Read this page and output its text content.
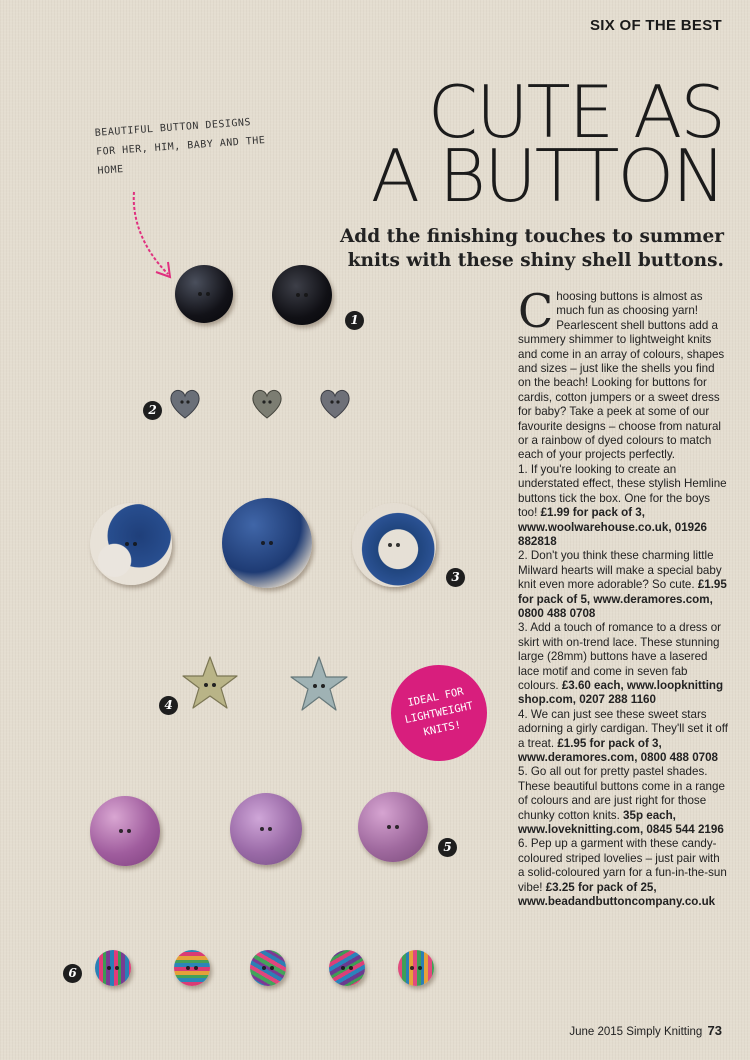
SIX OF THE BEST
CUTE AS
A BUTTON
Add the finishing touches to summer
knits with these shiny shell buttons.
BEAUTIFUL BUTTON DESIGNS FOR HER, HIM, BABY AND THE HOME
1
2
3
4	IDEAL FOR LIGHTWEIGHT KNITS!
5
6
C hoosing buttons is almost as much fun as choosing yarn! Pearlescent shell buttons add a summery shimmer to lightweight knits and come in an array of colours, shapes and sizes – just like the shells you find on the beach! Looking for buttons for cardis, cotton jumpers or a sweet dress for baby? Take a peek at some of our favourite designs – choose from natural or a rainbow of dyed colours to match each of your projects perfectly.

1. If you're looking to create an understated effect, these stylish Hemline buttons tick the box. One for the boys too! £1.99 for pack of 3, www.woolwarehouse.co.uk, 01926 882818

2. Don't you think these charming little Milward hearts will make a special baby knit even more adorable? So cute. £1.95 for pack of 5, www.deramores.com, 0800 488 0708

3. Add a touch of romance to a dress or skirt with on-trend lace. These stunning large (28mm) buttons have a lasered lace motif and come in seven fab colours. £3.60 each, www.loopknitting shop.com, 0207 288 1160

4. We can just see these sweet stars adorning a girly cardigan. They'll set it off a treat. £1.95 for pack of 3, www.deramores.com, 0800 488 0708

5. Go all out for pretty pastel shades. These beautiful buttons come in a range of colours and are just right for those chunky cotton knits. 35p each, www.loveknitting.com, 0845 544 2196

6. Pep up a garment with these candy-coloured striped lovelies – just pair with a solid-coloured yarn for a fun-in-the-sun vibe! £3.25 for pack of 25, www.beadandbuttoncompany.co.uk

June 2015 Simply Knitting 73
